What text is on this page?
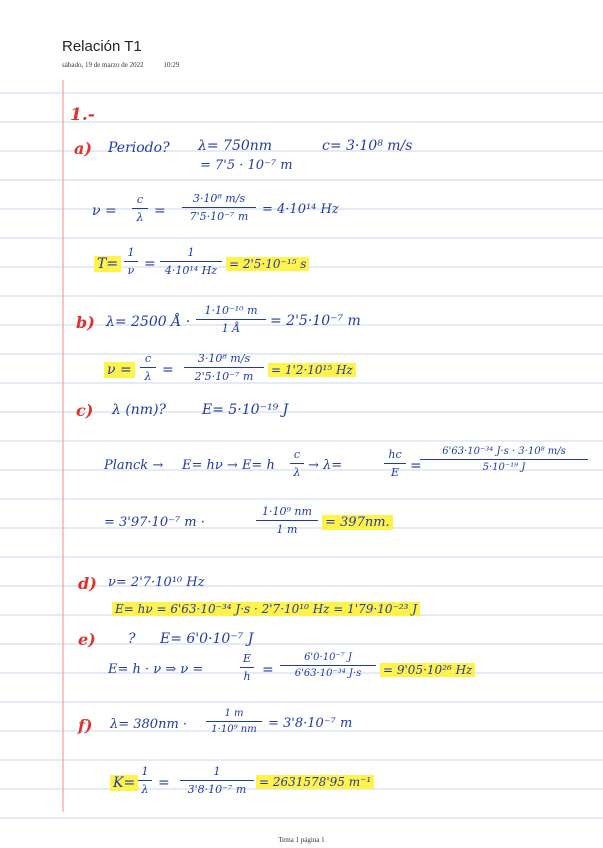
Relación T1
sábado, 19 de marzo de 2022	10:29
1.-
a) Periodo? λ= 750nm
= 7'5 · 10⁻⁷ m
c= 3·10⁸ m/s
$\nu = \frac{c}{\lambda} = \frac{\text{3·10⁸ m/s}}{\text{7'5·10⁻⁷ m}} = 4\cdot 10^{14}$ Hz
$T= \frac{1}{\nu} = \frac{1}{\text{4·10¹⁴ Hz}} = 2'5\cdot 10^{-15}$ s
b) λ= 2500 Å · $\frac{\text{1·10⁻¹⁰ m}}{1 Å} = 2'5\cdot 10^{-7}$ m
$\nu = \frac{c}{\lambda} = \frac{\text{3·10⁸ m/s}}{\text{2'5·10⁻⁷ m}} = 1'2\cdot 10^{15}$ Hz
c) λ (nm)?	E= 5·10⁻¹⁹ J
Planck → E= hν → E= h $\frac{c}{\lambda} \to \lambda=$	$\frac{hc}{E}$ =
$\frac{\text{6'63·10⁻³⁴ J·s · 3·10⁸ m/s}}{\text{5·10⁻¹⁹ J}}$
= 3'97·10⁻⁷ m ·	$\frac{\text{1·10⁹ nm}}{1 m} = 397nm$.
d) ν= 2'7·10¹⁰ Hz
E= hν = 6'63·10⁻³⁴ J·s · 2'7·10¹⁰ Hz = 1'79·10⁻²³ J
e) ? E= 6'0·10⁻⁷ J
E= h · ν ⇒ ν =	$\frac{E}{h} = \frac{\text{6'0·10⁻⁷ J}}{\text{6'63·10⁻³⁴ J·s}} = 9'05\cdot 10^{26}$ Hz
f) $\lambda= 380nm \cdot \frac{1 m}{\text{1·10⁹ nm}} = 3'8\cdot 10^{-7}$ m
$K= \frac{1}{\lambda} = \frac{1}{\text{3'8·10⁻⁷ m}} = 2631578'95$ m⁻¹
Tema 1 página 1
